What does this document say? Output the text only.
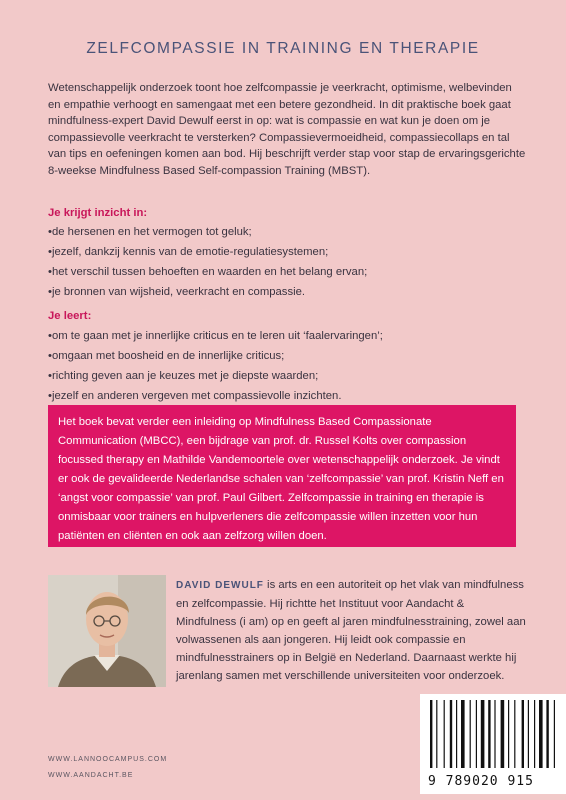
ZELFCOMPASSIE IN TRAINING EN THERAPIE

Wetenschappelijk onderzoek toont hoe zelfcompassie je veerkracht, optimisme, welbevinden en empathie verhoogt en samengaat met een betere gezondheid. In dit praktische boek gaat mindfulness-expert David Dewulf eerst in op: wat is compassie en wat kun je doen om je compassievolle veerkracht te versterken? Compassievermoeidheid, compassiecollaps en tal van tips en oefeningen komen aan bod. Hij beschrijft verder stap voor stap de ervaringsgerichte 8-weekse Mindfulness Based Self-compassion Training (MBST).

Je krijgt inzicht in:

• de hersenen en het vermogen tot geluk;
• jezelf, dankzij kennis van de emotie-regulatiesystemen;
• het verschil tussen behoeften en waarden en het belang ervan;
• je bronnen van wijsheid, veerkracht en compassie.

Je leert:

• om te gaan met je innerlijke criticus en te leren uit ‘faalervaringen’;
• omgaan met boosheid en de innerlijke criticus;
• richting geven aan je keuzes met je diepste waarden;
• jezelf en anderen vergeven met compassievolle inzichten.
Het boek bevat verder een inleiding op Mindfulness Based Compassionate Communication (MBCC), een bijdrage van prof. dr. Russel Kolts over compassion focussed therapy en Mathilde Vandemoortele over wetenschappelijk onderzoek. Je vindt er ook de gevalideerde Nederlandse schalen van ‘zelfcompassie’ van prof. Kristin Neff en ‘angst voor compassie’ van prof. Paul Gilbert. Zelfcompassie in training en therapie is onmisbaar voor trainers en hulpverleners die zelfcompassie willen inzetten voor hun patiënten en cliënten en ook aan zelfzorg willen doen.

DAVID DEWULF is arts en een autoriteit op het vlak van mindfulness en zelfcompassie. Hij richtte het Instituut voor Aandacht & Mindfulness (i am) op en geeft al jaren mindfulnesstraining, zowel aan volwassenen als aan jongeren. Hij leidt ook compassie en mindfulnesstrainers op in België en Nederland. Daarnaast werkte hij jarenlang samen met verschillende universiteiten voor onderzoek.

WWW.LANNOOCAMPUS.COM
WWW.AANDACHT.BE	9 789020 915
